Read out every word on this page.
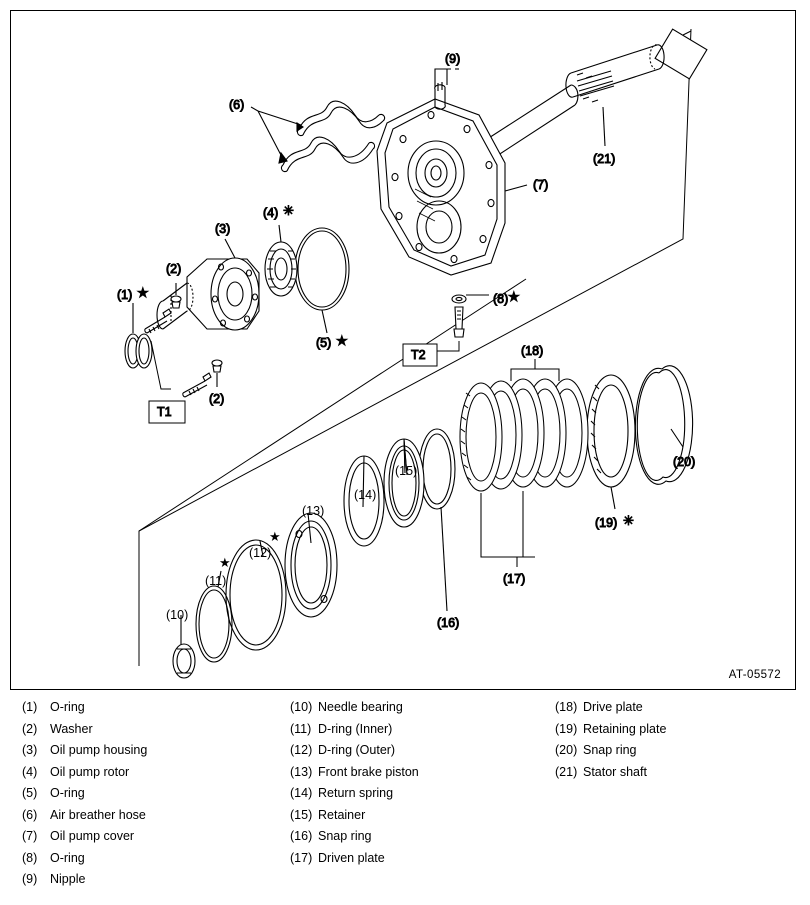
(21)
(7)
(9)
(6)
(8) ★
T2
(5) ★
(4) ✳
(3)
(2)
(2)
T1
(1) ★
(20)
(19) ✳
(18)
(17)
(16)
(15)
(14)
(13)
(12)
★
(11)
★
(10)
AT-05572
(1)	O-ring
(2)	Washer
(3)	Oil pump housing
(4)	Oil pump rotor
(5)	O-ring
(6)	Air breather hose
(7)	Oil pump cover
(8)	O-ring
(9)	Nipple
(10) Needle bearing
(11) D-ring (Inner)
(12) D-ring (Outer)
(13) Front brake piston
(14) Return spring
(15) Retainer
(16) Snap ring
(17) Driven plate
(18) Drive plate
(19) Retaining plate
(20) Snap ring
(21) Stator shaft
